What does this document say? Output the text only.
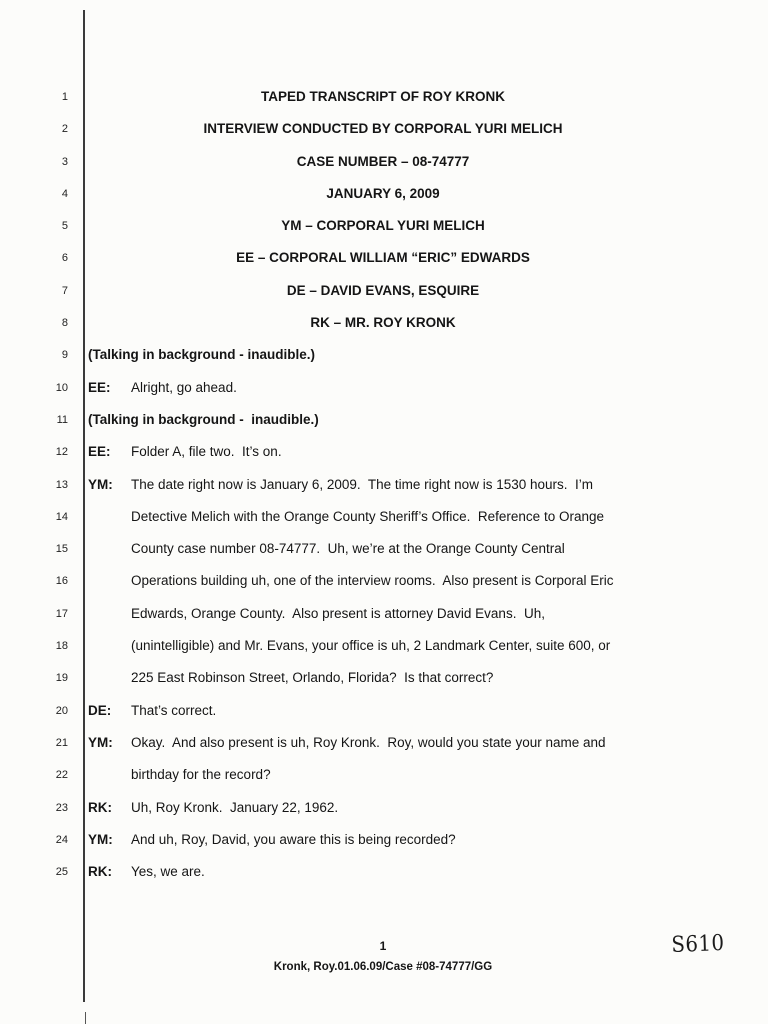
1	TAPED TRANSCRIPT OF ROY KRONK
2	INTERVIEW CONDUCTED BY CORPORAL YURI MELICH
3	CASE NUMBER – 08-74777
4	JANUARY 6, 2009
5	YM – CORPORAL YURI MELICH
6	EE – CORPORAL WILLIAM “ERIC” EDWARDS
7	DE – DAVID EVANS, ESQUIRE
8	RK – MR. ROY KRONK
9 (Talking in background - inaudible.)
10 EE: Alright, go ahead.
11 (Talking in background -  inaudible.)
12 EE: Folder A, file two.  It’s on.
13 YM: The date right now is January 6, 2009.  The time right now is 1530 hours.  I’m
14	Detective Melich with the Orange County Sheriff’s Office.  Reference to Orange
15	County case number 08-74777.  Uh, we’re at the Orange County Central
16	Operations building uh, one of the interview rooms.  Also present is Corporal Eric
17	Edwards, Orange County.  Also present is attorney David Evans.  Uh,
18	(unintelligible) and Mr. Evans, your office is uh, 2 Landmark Center, suite 600, or
19	225 East Robinson Street, Orlando, Florida?  Is that correct?
20 DE: That’s correct.
21 YM: Okay.  And also present is uh, Roy Kronk.  Roy, would you state your name and
22	birthday for the record?
23 RK: Uh, Roy Kronk.  January 22, 1962.
24 YM: And uh, Roy, David, you aware this is being recorded?
25 RK: Yes, we are.
1
Kronk, Roy.01.06.09/Case #08-74777/GG
S610
